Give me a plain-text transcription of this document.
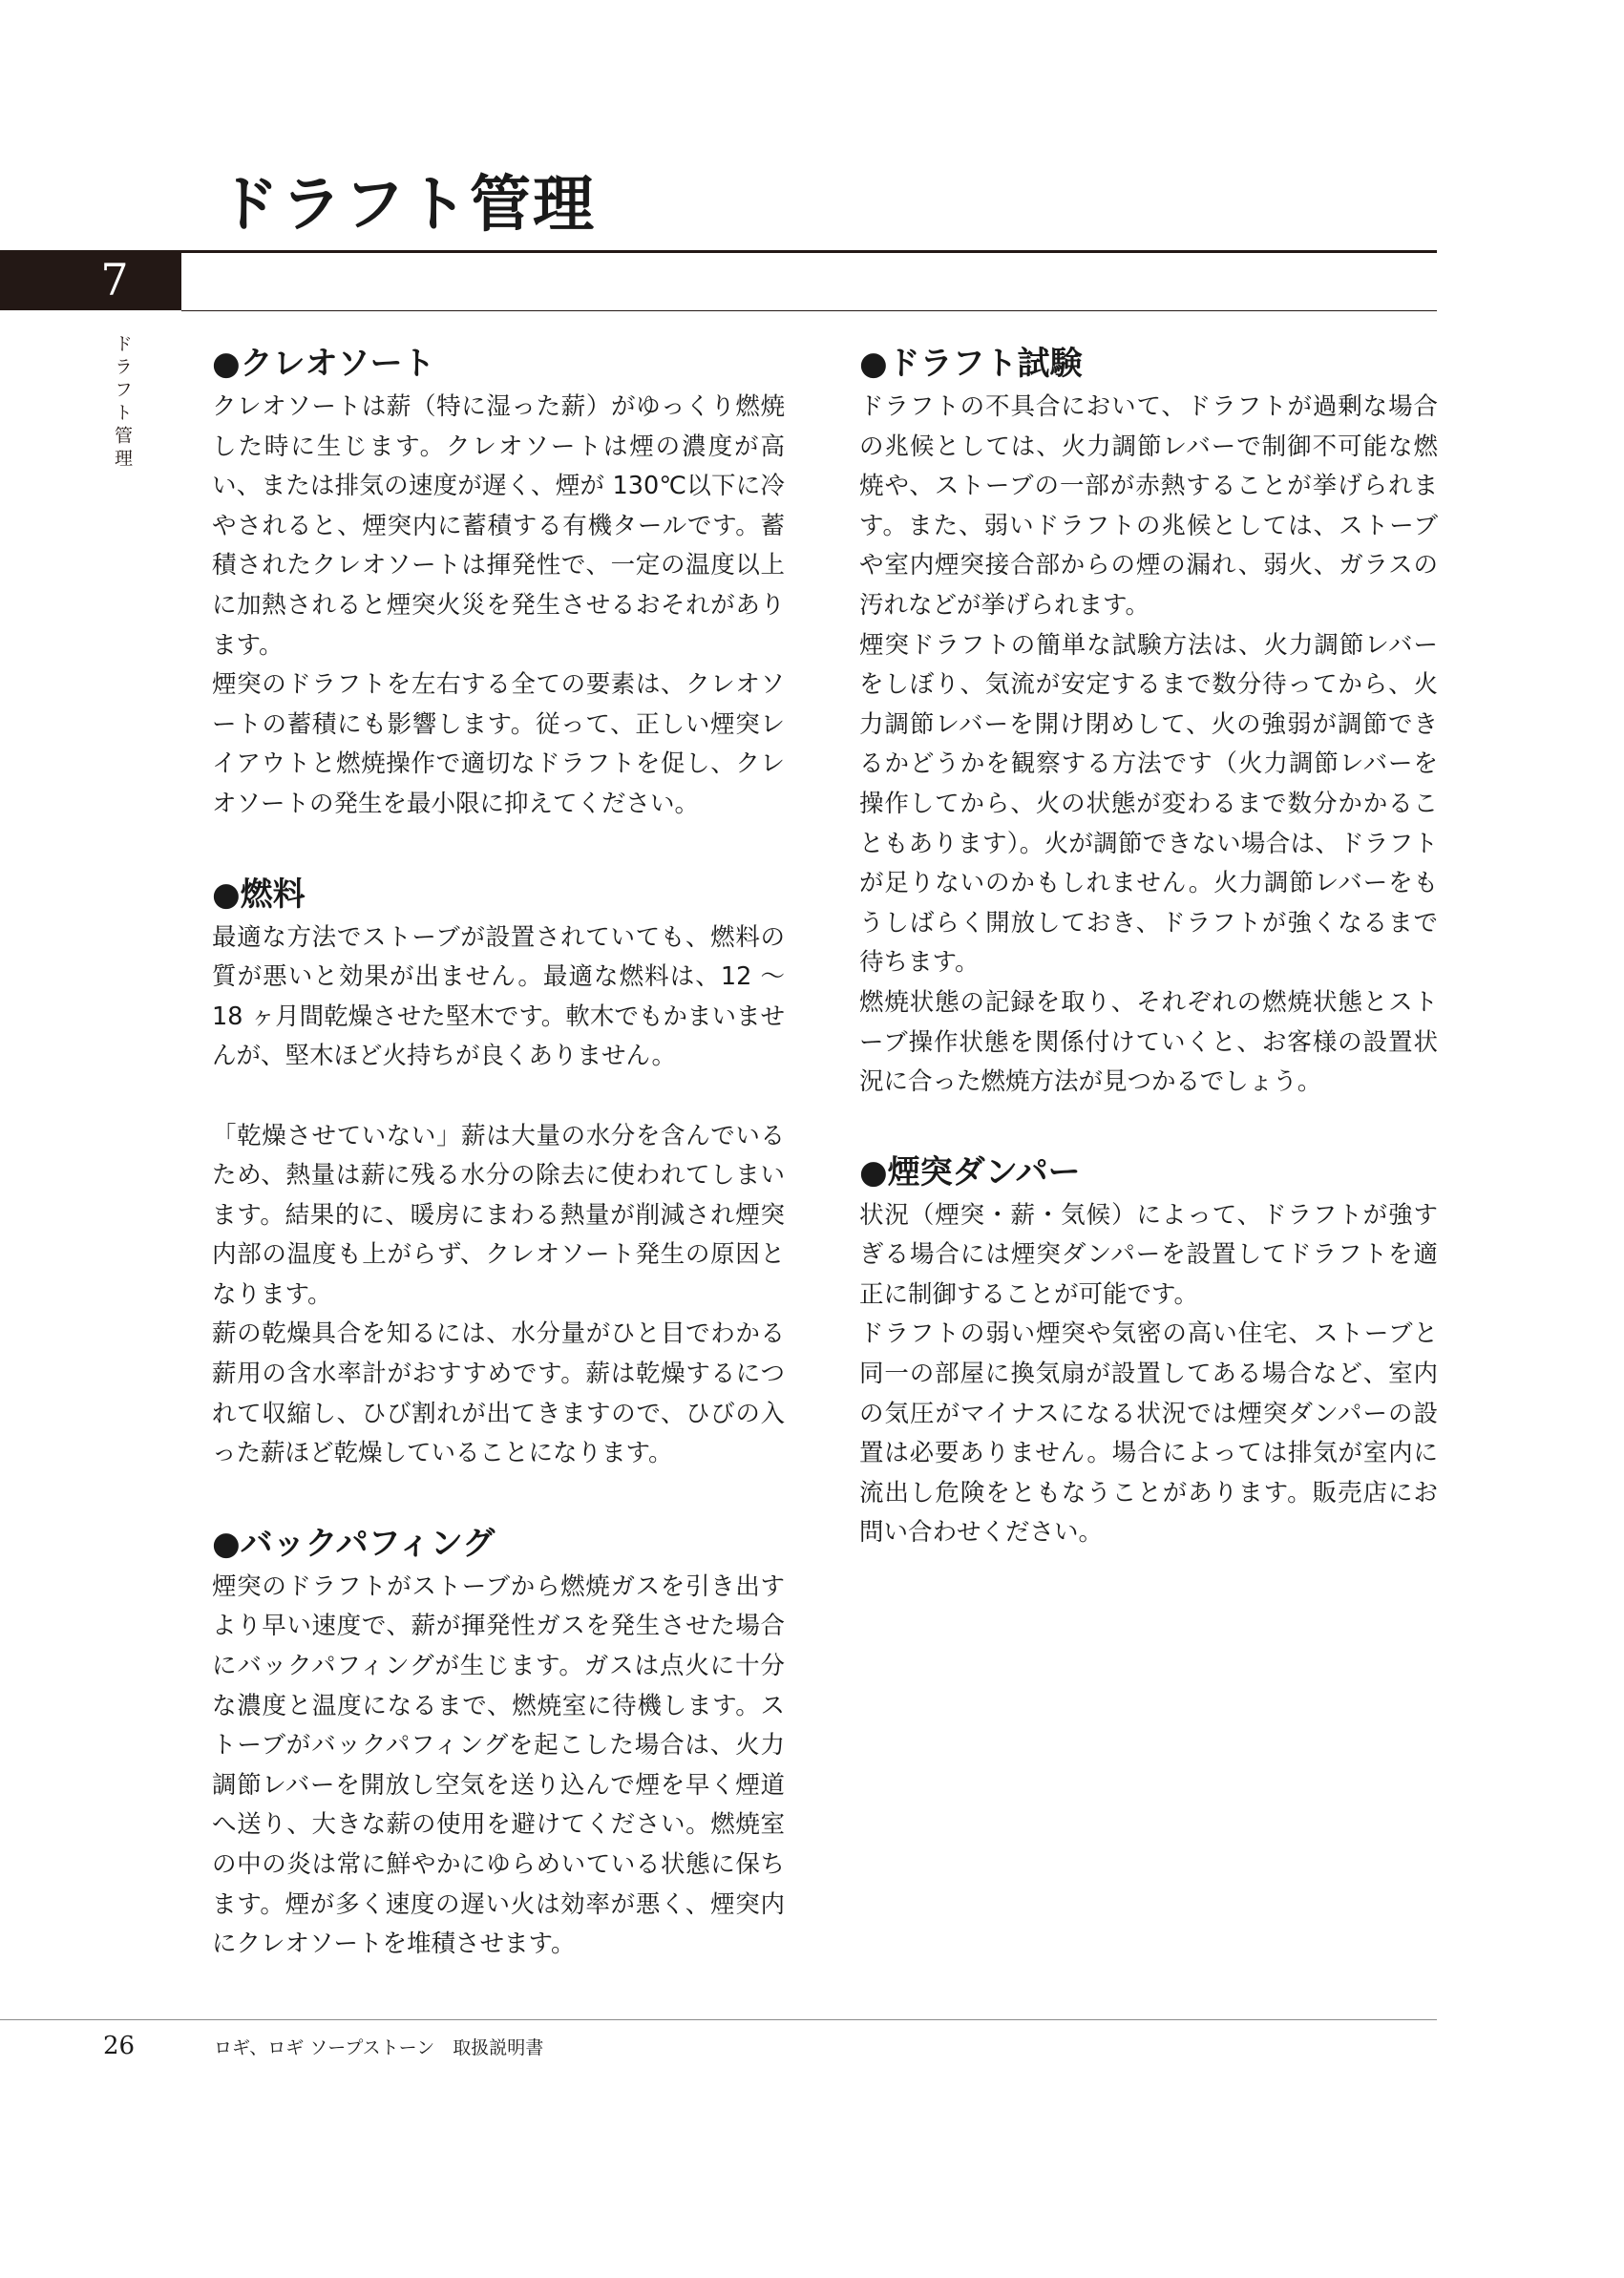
ドラフト管理
7
ドラフト管理 ●クレオソート

クレオソートは薪（特に湿った薪）がゆっくり燃焼した時に生じます。クレオソートは煙の濃度が高い、または排気の速度が遅く、煙が 130℃以下に冷やされると、煙突内に蓄積する有機タールです。蓄積されたクレオソートは揮発性で、一定の温度以上に加熱されると煙突火災を発生させるおそれがあります。

煙突のドラフトを左右する全ての要素は、クレオソートの蓄積にも影響します。従って、正しい煙突レイアウトと燃焼操作で適切なドラフトを促し、クレオソートの発生を最小限に抑えてください。

●燃料

最適な方法でストーブが設置されていても、燃料の質が悪いと効果が出ません。最適な燃料は、12 ～ 18 ヶ月間乾燥させた堅木です。軟木でもかまいませんが、堅木ほど火持ちが良くありません。

「乾燥させていない」薪は大量の水分を含んでいるため、熱量は薪に残る水分の除去に使われてしまいます。結果的に、暖房にまわる熱量が削減され煙突内部の温度も上がらず、クレオソート発生の原因となります。

薪の乾燥具合を知るには、水分量がひと目でわかる薪用の含水率計がおすすめです。薪は乾燥するにつれて収縮し、ひび割れが出てきますので、ひびの入った薪ほど乾燥していることになります。

●バックパフィング

煙突のドラフトがストーブから燃焼ガスを引き出すより早い速度で、薪が揮発性ガスを発生させた場合にバックパフィングが生じます。ガスは点火に十分な濃度と温度になるまで、燃焼室に待機します。ストーブがバックパフィングを起こした場合は、火力調節レバーを開放し空気を送り込んで煙を早く煙道へ送り、大きな薪の使用を避けてください。燃焼室の中の炎は常に鮮やかにゆらめいている状態に保ちます。煙が多く速度の遅い火は効率が悪く、煙突内にクレオソートを堆積させます。

●ドラフト試験

ドラフトの不具合において、ドラフトが過剰な場合の兆候としては、火力調節レバーで制御不可能な燃焼や、ストーブの一部が赤熱することが挙げられます。また、弱いドラフトの兆候としては、ストーブや室内煙突接合部からの煙の漏れ、弱火、ガラスの汚れなどが挙げられます。

煙突ドラフトの簡単な試験方法は、火力調節レバーをしぼり、気流が安定するまで数分待ってから、火力調節レバーを開け閉めして、火の強弱が調節できるかどうかを観察する方法です（火力調節レバーを操作してから、火の状態が変わるまで数分かかることもあります）。火が調節できない場合は、ドラフトが足りないのかもしれません。火力調節レバーをもうしばらく開放しておき、ドラフトが強くなるまで待ちます。

燃焼状態の記録を取り、それぞれの燃焼状態とストーブ操作状態を関係付けていくと、お客様の設置状況に合った燃焼方法が見つかるでしょう。

●煙突ダンパー

状況（煙突・薪・気候）によって、ドラフトが強すぎる場合には煙突ダンパーを設置してドラフトを適正に制御することが可能です。

ドラフトの弱い煙突や気密の高い住宅、ストーブと同一の部屋に換気扇が設置してある場合など、室内の気圧がマイナスになる状況では煙突ダンパーの設置は必要ありません。場合によっては排気が室内に流出し危険をともなうことがあります。販売店にお問い合わせください。

26	ロギ、ロギ ソープストーン　取扱説明書
